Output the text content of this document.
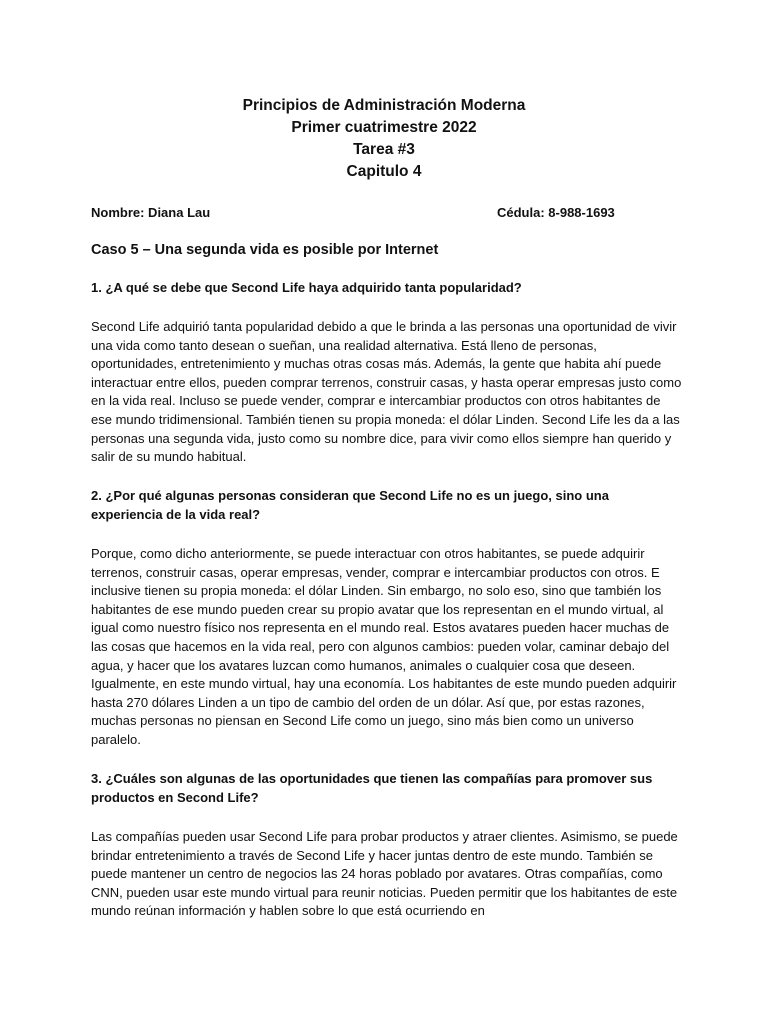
Principios de Administración Moderna
Primer cuatrimestre 2022
Tarea #3
Capitulo 4
Nombre: Diana Lau	Cédula: 8-988-1693
Caso 5 – Una segunda vida es posible por Internet
1. ¿A qué se debe que Second Life haya adquirido tanta popularidad?
Second Life adquirió tanta popularidad debido a que le brinda a las personas una oportunidad de vivir una vida como tanto desean o sueñan, una realidad alternativa. Está lleno de personas, oportunidades, entretenimiento y muchas otras cosas más. Además, la gente que habita ahí puede interactuar entre ellos, pueden comprar terrenos, construir casas, y hasta operar empresas justo como en la vida real. Incluso se puede vender, comprar e intercambiar productos con otros habitantes de ese mundo tridimensional. También tienen su propia moneda: el dólar Linden. Second Life les da a las personas una segunda vida, justo como su nombre dice, para vivir como ellos siempre han querido y salir de su mundo habitual.
2. ¿Por qué algunas personas consideran que Second Life no es un juego, sino una experiencia de la vida real?
Porque, como dicho anteriormente, se puede interactuar con otros habitantes, se puede adquirir terrenos, construir casas, operar empresas, vender, comprar e intercambiar productos con otros. E inclusive tienen su propia moneda: el dólar Linden. Sin embargo, no solo eso, sino que también los habitantes de ese mundo pueden crear su propio avatar que los representan en el mundo virtual, al igual como nuestro físico nos representa en el mundo real. Estos avatares pueden hacer muchas de las cosas que hacemos en la vida real, pero con algunos cambios: pueden volar, caminar debajo del agua, y hacer que los avatares luzcan como humanos, animales o cualquier cosa que deseen. Igualmente, en este mundo virtual, hay una economía. Los habitantes de este mundo pueden adquirir hasta 270 dólares Linden a un tipo de cambio del orden de un dólar. Así que, por estas razones, muchas personas no piensan en Second Life como un juego, sino más bien como un universo paralelo.
3. ¿Cuáles son algunas de las oportunidades que tienen las compañías para promover sus productos en Second Life?
Las compañías pueden usar Second Life para probar productos y atraer clientes. Asimismo, se puede brindar entretenimiento a través de Second Life y hacer juntas dentro de este mundo. También se puede mantener un centro de negocios las 24 horas poblado por avatares. Otras compañías, como CNN, pueden usar este mundo virtual para reunir noticias. Pueden permitir que los habitantes de este mundo reúnan información y hablen sobre lo que está ocurriendo en
